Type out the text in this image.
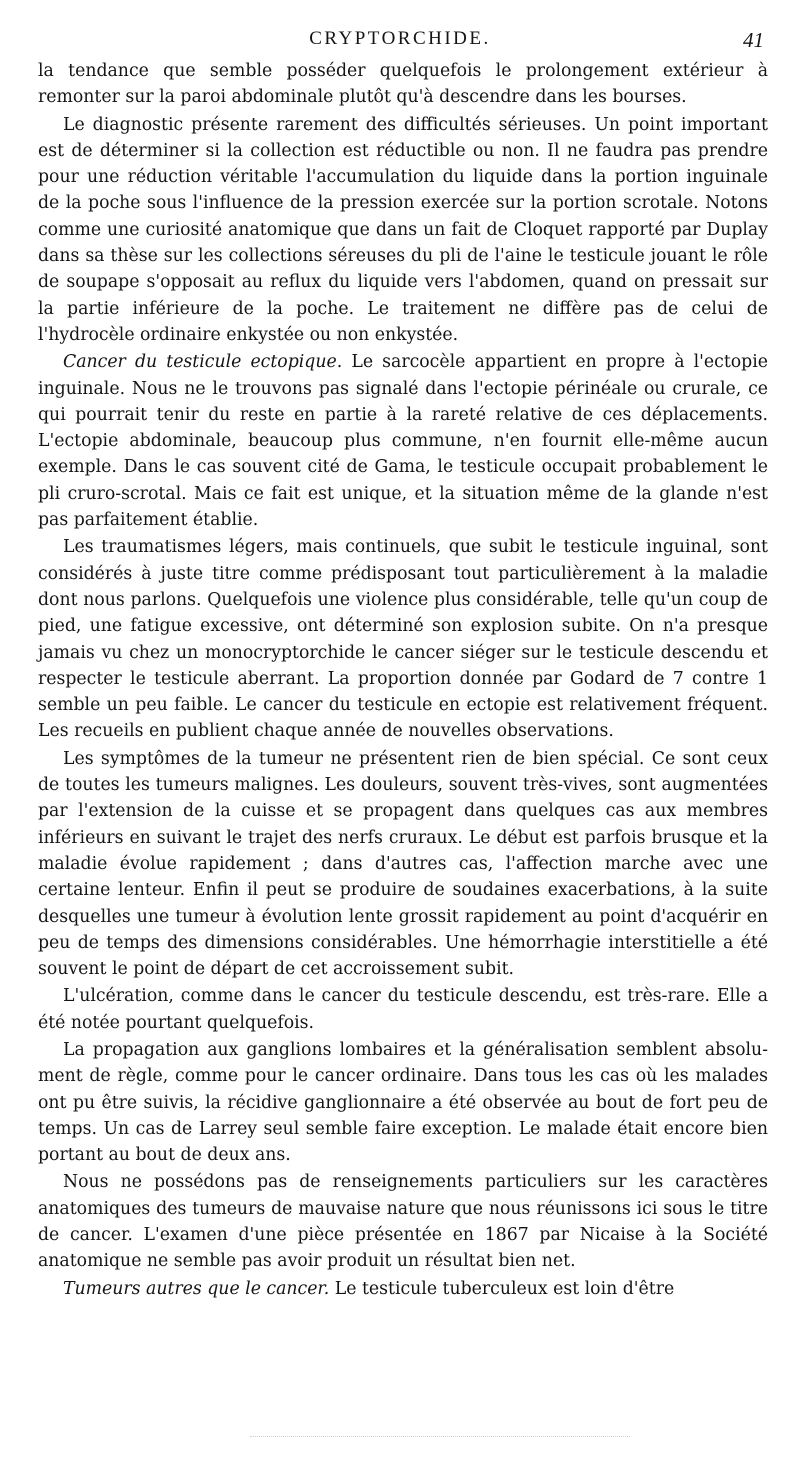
CRYPTORCHIDE.	41

la tendance que semble posséder quelquefois le prolongement extérieur à remonter sur la paroi abdominale plutôt qu'à descendre dans les bourses.

Le diagnostic présente rarement des difficultés sérieuses. Un point important est de déterminer si la collection est réductible ou non. Il ne faudra pas prendre pour une réduction véritable l'accumulation du liquide dans la portion inguinale de la poche sous l'influence de la pression exercée sur la portion scrotale. Notons comme une curiosité anatomique que dans un fait de Cloquet rapporté par Duplay dans sa thèse sur les collections séreuses du pli de l'aine le testicule jouant le rôle de soupape s'opposait au reflux du liquide vers l'abdomen, quand on pressait sur la partie inférieure de la poche. Le traitement ne diffère pas de celui de l'hydrocèle ordinaire enkystée ou non enkystée.

Cancer du testicule ectopique. Le sarcocèle appartient en propre à l'ectopie inguinale. Nous ne le trouvons pas signalé dans l'ectopie périnéale ou crurale, ce qui pourrait tenir du reste en partie à la rareté relative de ces déplacements. L'ectopie abdominale, beaucoup plus commune, n'en fournit elle-même aucun exemple. Dans le cas souvent cité de Gama, le testicule occupait probablement le pli cruro-scrotal. Mais ce fait est unique, et la situation même de la glande n'est pas parfaitement établie.

Les traumatismes légers, mais continuels, que subit le testicule inguinal, sont considérés à juste titre comme prédisposant tout particulièrement à la maladie dont nous parlons. Quelquefois une violence plus considérable, telle qu'un coup de pied, une fatigue excessive, ont déterminé son explosion subite. On n'a presque jamais vu chez un monocryptorchide le cancer siéger sur le testicule descendu et respecter le testicule aberrant. La proportion donnée par Godard de 7 contre 1 semble un peu faible. Le cancer du testicule en ectopie est relativement fréquent. Les recueils en publient chaque année de nouvelles observations.

Les symptômes de la tumeur ne présentent rien de bien spécial. Ce sont ceux de toutes les tumeurs malignes. Les douleurs, souvent très-vives, sont augmentées par l'extension de la cuisse et se propagent dans quelques cas aux membres inférieurs en suivant le trajet des nerfs cruraux. Le début est parfois brusque et la maladie évolue rapidement ; dans d'autres cas, l'affection marche avec une certaine lenteur. Enfin il peut se produire de soudaines exacerbations, à la suite desquelles une tumeur à évolution lente grossit rapidement au point d'acquérir en peu de temps des dimensions considérables. Une hémorrhagie interstitielle a été souvent le point de départ de cet accroissement subit.

L'ulcération, comme dans le cancer du testicule descendu, est très-rare. Elle a été notée pourtant quelquefois.

La propagation aux ganglions lombaires et la généralisation semblent absolument de règle, comme pour le cancer ordinaire. Dans tous les cas où les malades ont pu être suivis, la récidive ganglionnaire a été observée au bout de fort peu de temps. Un cas de Larrey seul semble faire exception. Le malade était encore bien portant au bout de deux ans.

Nous ne possédons pas de renseignements particuliers sur les caractères anatomiques des tumeurs de mauvaise nature que nous réunissons ici sous le titre de cancer. L'examen d'une pièce présentée en 1867 par Nicaise à la Société anatomique ne semble pas avoir produit un résultat bien net.

Tumeurs autres que le cancer. Le testicule tuberculeux est loin d'être
